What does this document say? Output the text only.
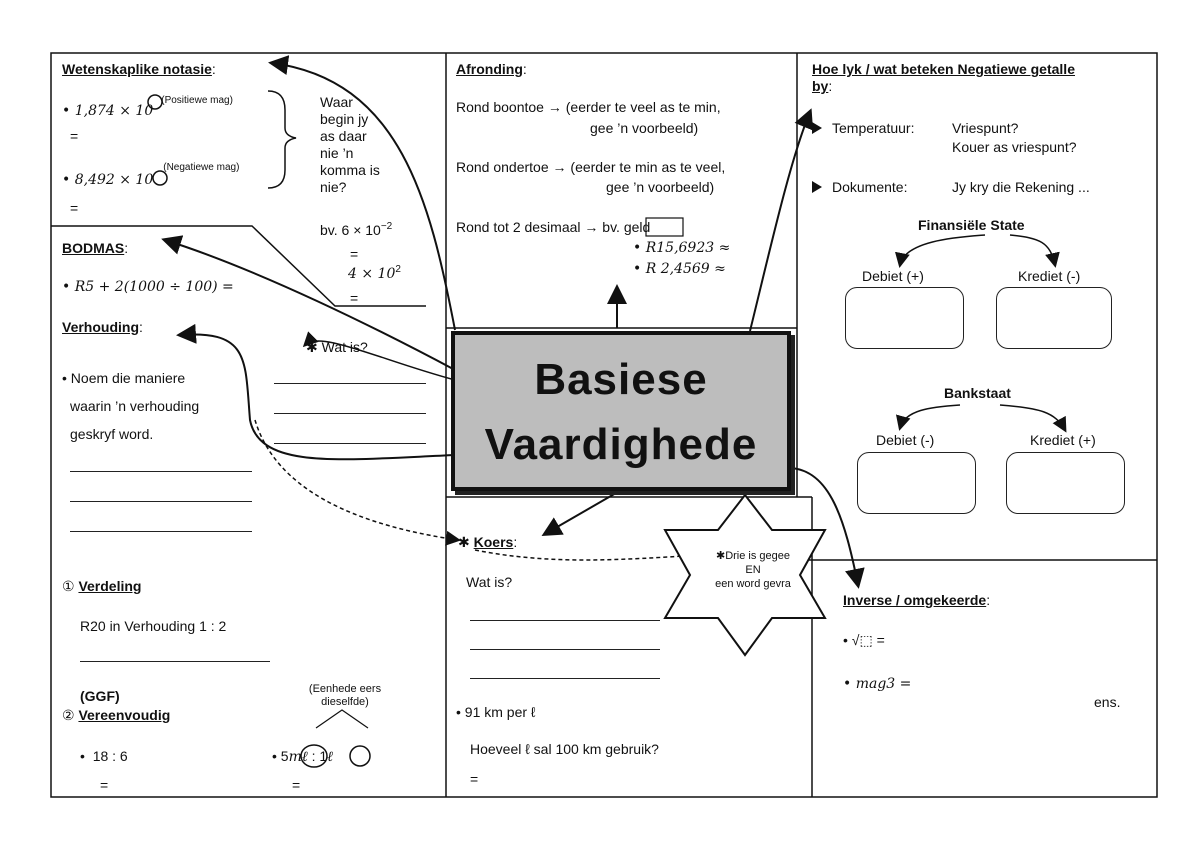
Wetenskaplike notasie:
• $1,874 \times 10^{(Positiewe mag)}$
=
• $8,492 \times 10^{(Negatiewe mag)}$
=
Waar
begin jy
as daar
nie ’n
komma is
nie?
bv. $6 \times 10^{-2}$
=
$4 \times 10^2$
=
BODMAS:
• R5 + 2(1000 ÷ 100) =
Verhouding:
• Noem die maniere
waarin ’n verhouding
geskryf word.
✱ Wat is?
① Verdeling
R20 in Verhouding 1 : 2
(GGF)
② Vereenvoudig
(Eenhede eers dieselfde)
•  18 : 6
=
• 5mℓ : 1ℓ
=
Afronding:
Rond boontoe → (eerder te veel as te min,
gee ’n voorbeeld)
Rond ondertoe → (eerder te min as te veel,
gee ’n voorbeeld)
Rond tot 2 desimaal → bv. geld
• R15,6923 ≈
• R 2,4569 ≈
Basiese
Vaardighede
✱ Koers:
Wat is?
✱Drie is gegee
EN
een word gevra
• 91 km per ℓ
Hoeveel ℓ sal 100 km gebruik?
=
Hoe lyk / wat beteken Negatiewe getalle
by:
Temperatuur:	Vriespunt?
Kouer as vriespunt?
Dokumente:	Jy kry die Rekening ...
Finansiële State
Debiet (+)	Krediet (-)
Bankstaat
Debiet (-)	Krediet (+)
Inverse / omgekeerde:
• √⬚ =
• mag3 =
ens.
